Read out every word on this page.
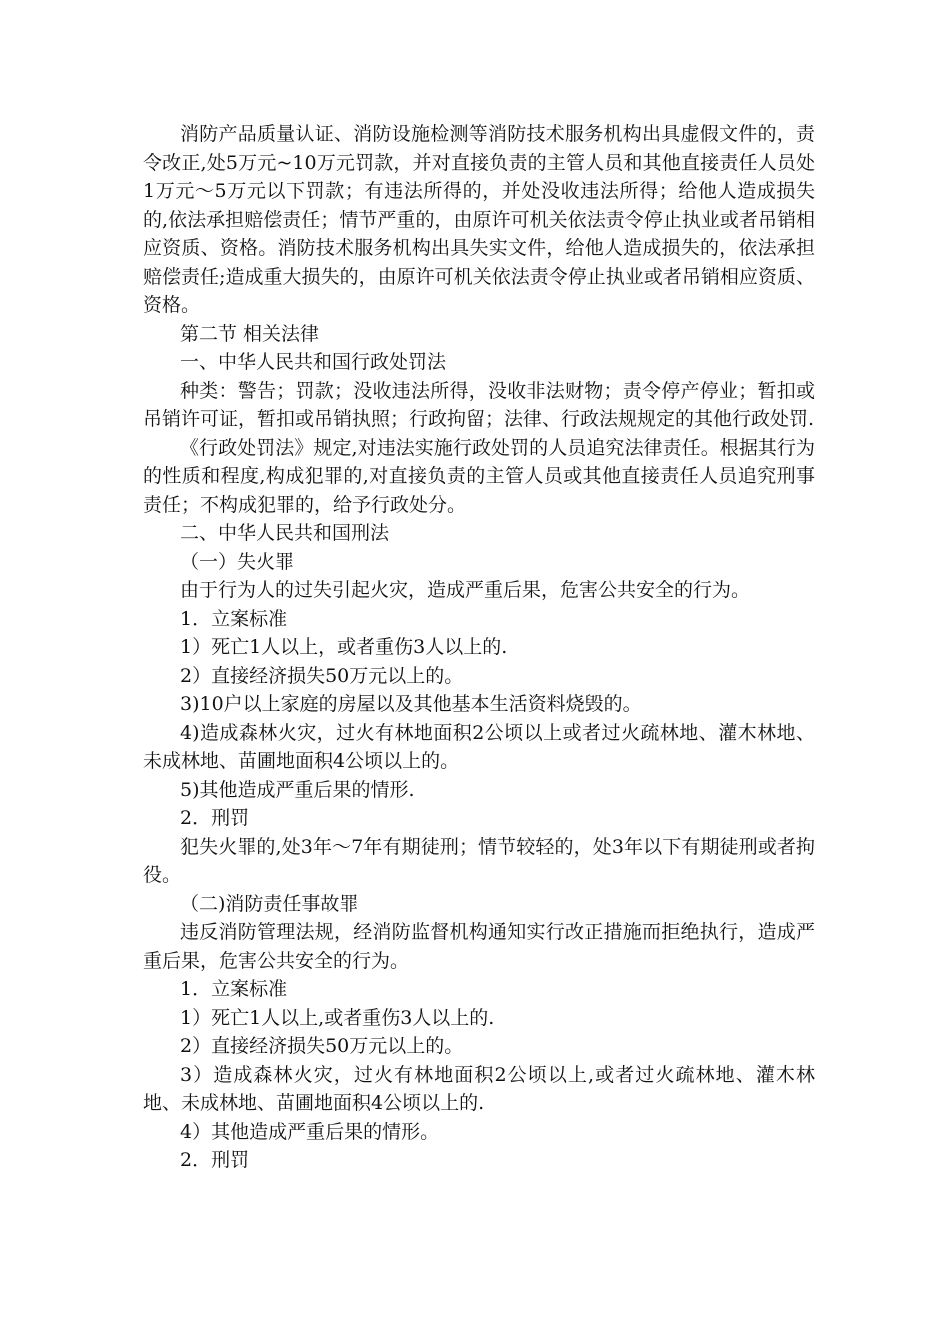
消防产品质量认证、消防设施检测等消防技术服务机构出具虚假文件的，责令改正,处5万元~10万元罚款，并对直接负责的主管人员和其他直接责任人员处1万元～5万元以下罚款；有违法所得的，并处没收违法所得；给他人造成损失的,依法承担赔偿责任；情节严重的，由原许可机关依法责令停止执业或者吊销相应资质、资格。消防技术服务机构出具失实文件，给他人造成损失的，依法承担赔偿责任;造成重大损失的，由原许可机关依法责令停止执业或者吊销相应资质、资格。

第二节 相关法律

一、中华人民共和国行政处罚法

种类：警告；罚款；没收违法所得，没收非法财物；责令停产停业；暂扣或吊销许可证，暂扣或吊销执照；行政拘留；法律、行政法规规定的其他行政处罚.

《行政处罚法》规定,对违法实施行政处罚的人员追究法律责任。根据其行为的性质和程度,构成犯罪的,对直接负责的主管人员或其他直接责任人员追究刑事责任；不构成犯罪的，给予行政处分。

二、中华人民共和国刑法

（一）失火罪

由于行为人的过失引起火灾，造成严重后果，危害公共安全的行为。

1．立案标准

1）死亡1人以上，或者重伤3人以上的.

2）直接经济损失50万元以上的。

3)10户以上家庭的房屋以及其他基本生活资料烧毁的。

4)造成森林火灾，过火有林地面积2公顷以上或者过火疏林地、灌木林地、未成林地、苗圃地面积4公顷以上的。

5)其他造成严重后果的情形.

2．刑罚

犯失火罪的,处3年～7年有期徒刑；情节较轻的，处3年以下有期徒刑或者拘役。

（二)消防责任事故罪

违反消防管理法规，经消防监督机构通知实行改正措施而拒绝执行，造成严重后果，危害公共安全的行为。

1．立案标准

1）死亡1人以上,或者重伤3人以上的.

2）直接经济损失50万元以上的。

3）造成森林火灾，过火有林地面积2公顷以上,或者过火疏林地、灌木林地、未成林地、苗圃地面积4公顷以上的.

4）其他造成严重后果的情形。

2．刑罚
